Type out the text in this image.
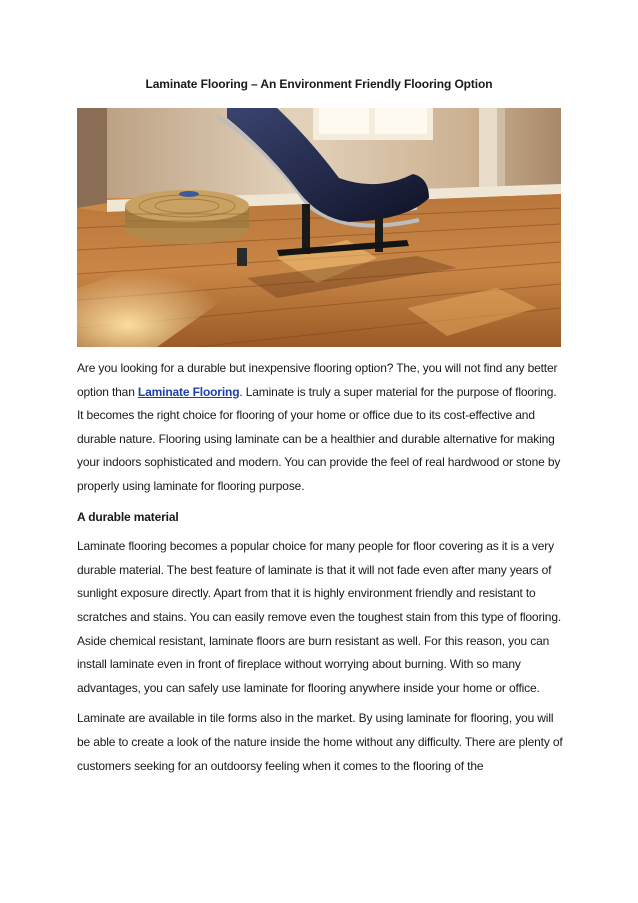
Laminate Flooring – An Environment Friendly Flooring Option

Are you looking for a durable but inexpensive flooring option? The, you will not find any better option than Laminate Flooring. Laminate is truly a super material for the purpose of flooring. It becomes the right choice for flooring of your home or office due to its cost-effective and durable nature. Flooring using laminate can be a healthier and durable alternative for making your indoors sophisticated and modern. You can provide the feel of real hardwood or stone by properly using laminate for flooring purpose.

A durable material

Laminate flooring becomes a popular choice for many people for floor covering as it is a very durable material. The best feature of laminate is that it will not fade even after many years of sunlight exposure directly. Apart from that it is highly environment friendly and resistant to scratches and stains. You can easily remove even the toughest stain from this type of flooring. Aside chemical resistant, laminate floors are burn resistant as well. For this reason, you can install laminate even in front of fireplace without worrying about burning. With so many advantages, you can safely use laminate for flooring anywhere inside your home or office.

Laminate are available in tile forms also in the market. By using laminate for flooring, you will be able to create a look of the nature inside the home without any difficulty. There are plenty of customers seeking for an outdoorsy feeling when it comes to the flooring of the
